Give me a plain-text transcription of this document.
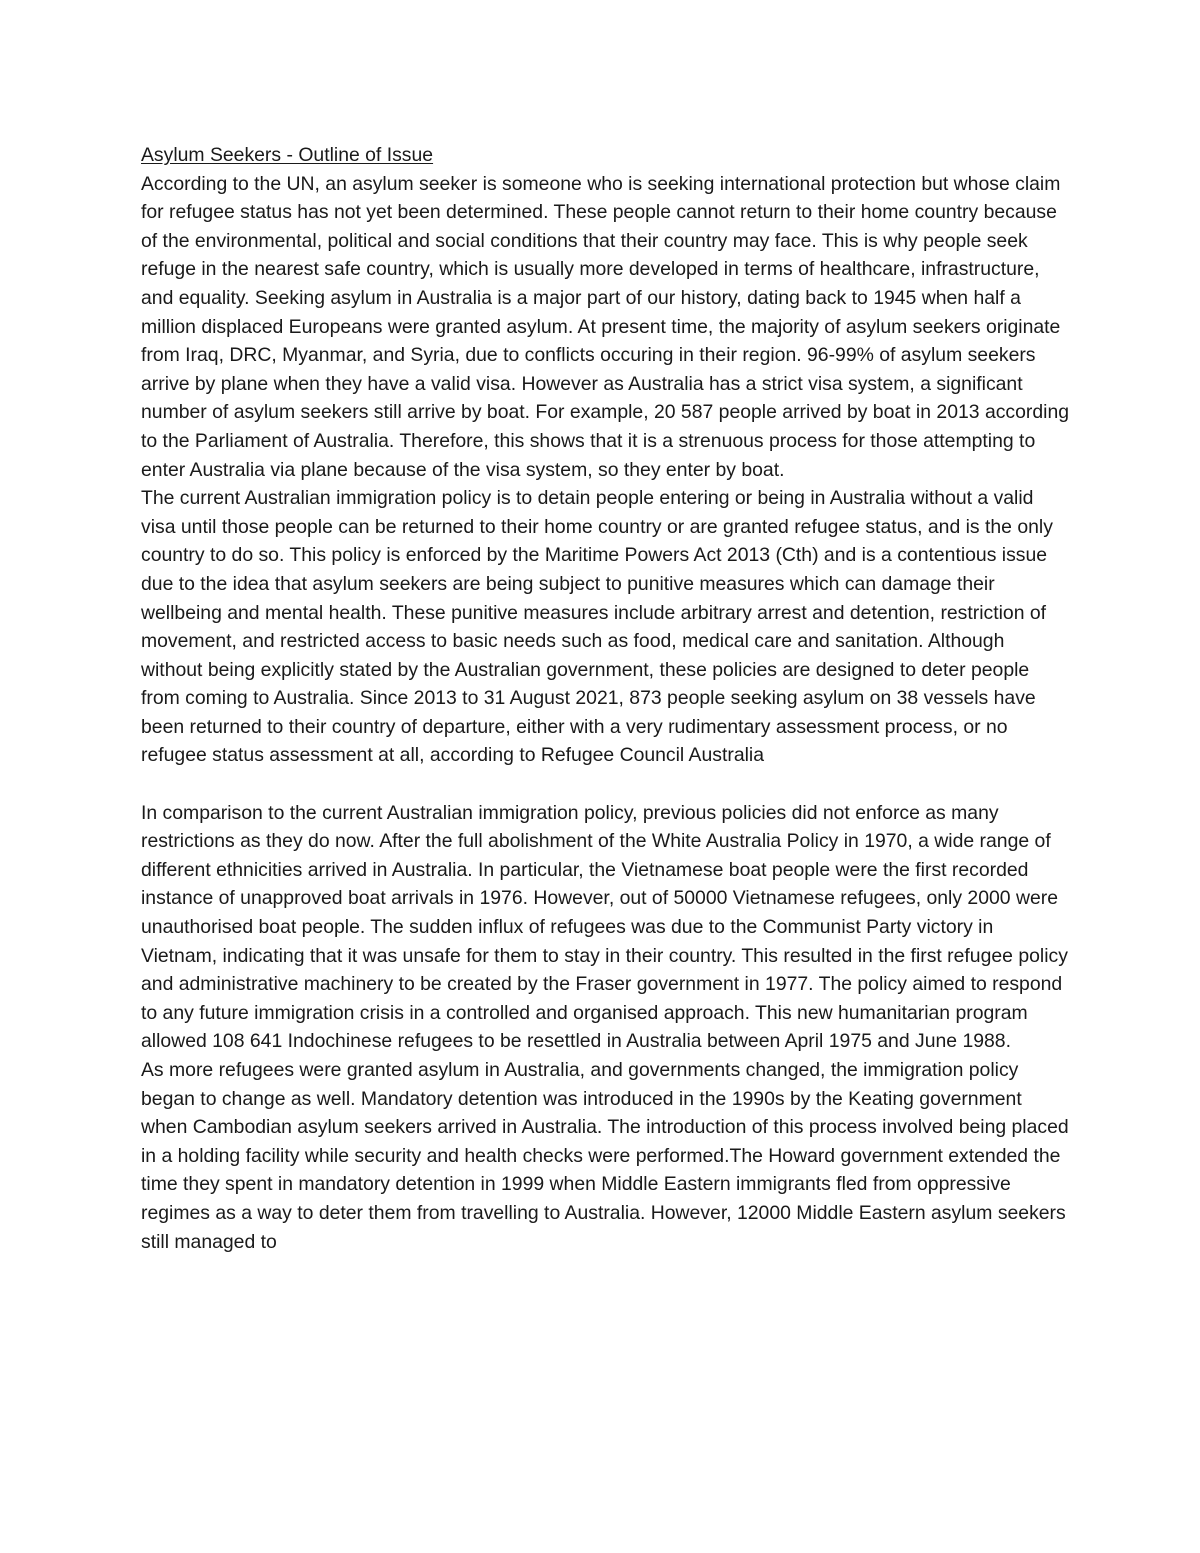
Asylum Seekers - Outline of Issue

According to the UN, an asylum seeker is someone who is seeking international protection but whose claim for refugee status has not yet been determined. These people cannot return to their home country because of the environmental, political and social conditions that their country may face. This is why people seek refuge in the nearest safe country, which is usually more developed in terms of healthcare, infrastructure, and equality. Seeking asylum in Australia is a major part of our history, dating back to 1945 when half a million displaced Europeans were granted asylum. At present time, the majority of asylum seekers originate from Iraq, DRC, Myanmar, and Syria, due to conflicts occuring in their region. 96-99% of asylum seekers arrive by plane when they have a valid visa. However as Australia has a strict visa system, a significant number of asylum seekers still arrive by boat. For example, 20 587 people arrived by boat in 2013 according to the Parliament of Australia. Therefore, this shows that it is a strenuous process for those attempting to enter Australia via plane because of the visa system, so they enter by boat.

The current Australian immigration policy is to detain people entering or being in Australia without a valid visa until those people can be returned to their home country or are granted refugee status, and is the only country to do so. This policy is enforced by the Maritime Powers Act 2013 (Cth) and is a contentious issue due to the idea that asylum seekers are being subject to punitive measures which can damage their wellbeing and mental health. These punitive measures include arbitrary arrest and detention, restriction of movement, and restricted access to basic needs such as food, medical care and sanitation. Although without being explicitly stated by the Australian government, these policies are designed to deter people from coming to Australia. Since 2013 to 31 August 2021, 873 people seeking asylum on 38 vessels have been returned to their country of departure, either with a very rudimentary assessment process, or no refugee status assessment at all, according to Refugee Council Australia

In comparison to the current Australian immigration policy, previous policies did not enforce as many restrictions as they do now. After the full abolishment of the White Australia Policy in 1970, a wide range of different ethnicities arrived in Australia. In particular, the Vietnamese boat people were the first recorded instance of unapproved boat arrivals in 1976. However, out of 50000 Vietnamese refugees, only 2000 were unauthorised boat people. The sudden influx of refugees was due to the Communist Party victory in Vietnam, indicating that it was unsafe for them to stay in their country. This resulted in the first refugee policy and administrative machinery to be created by the Fraser government in 1977. The policy aimed to respond to any future immigration crisis in a controlled and organised approach. This new humanitarian program allowed 108 641 Indochinese refugees to be resettled in Australia between April 1975 and June 1988.

As more refugees were granted asylum in Australia, and governments changed, the immigration policy began to change as well. Mandatory detention was introduced in the 1990s by the Keating government when Cambodian asylum seekers arrived in Australia. The introduction of this process involved being placed in a holding facility while security and health checks were performed.The Howard government extended the time they spent in mandatory detention in 1999 when Middle Eastern immigrants fled from oppressive regimes as a way to deter them from travelling to Australia. However, 12000 Middle Eastern asylum seekers still managed to
